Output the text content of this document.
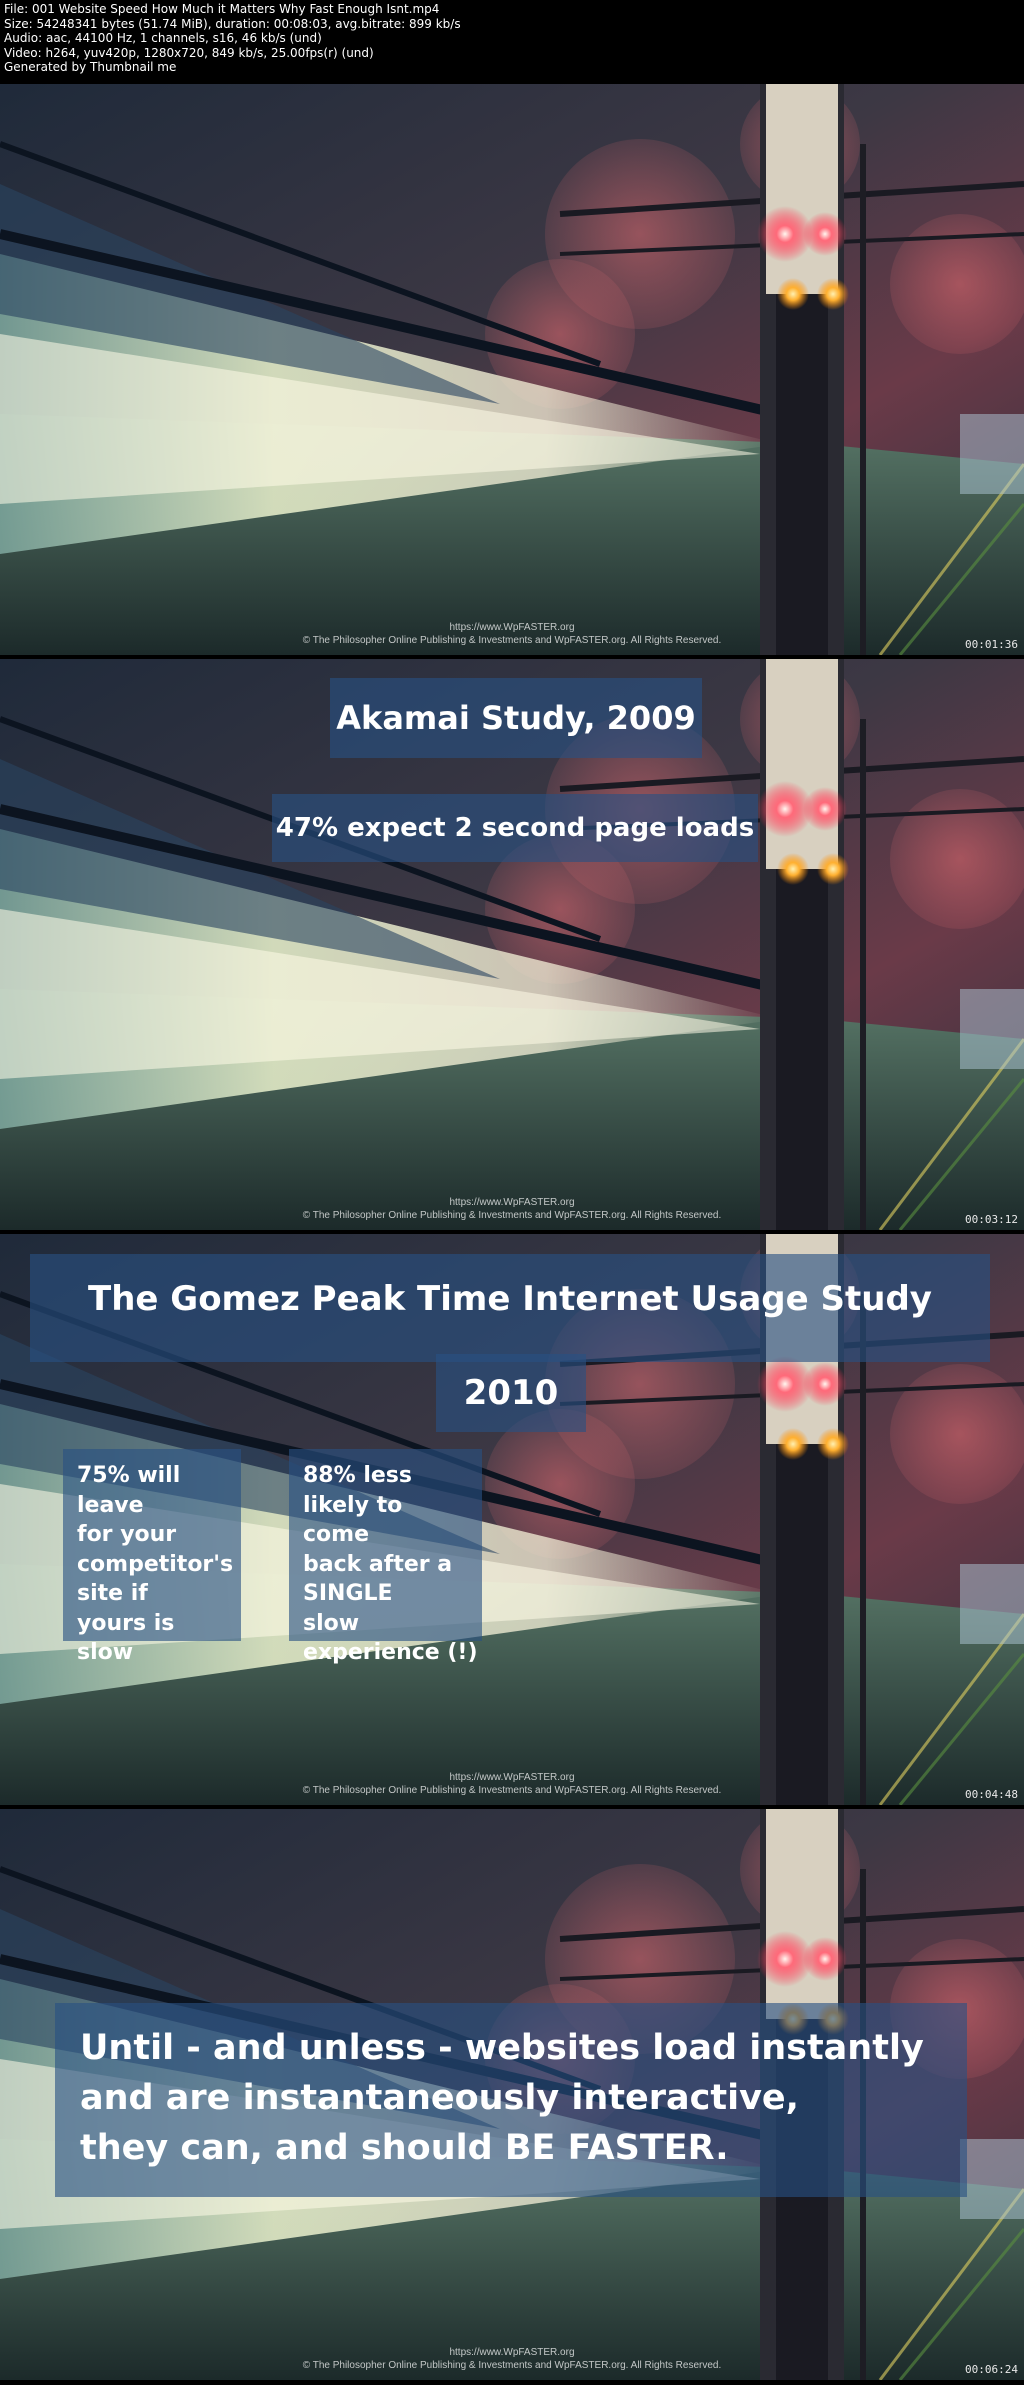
File: 001 Website Speed How Much it Matters Why Fast Enough Isnt.mp4
Size: 54248341 bytes (51.74 MiB), duration: 00:08:03, avg.bitrate: 899 kb/s
Audio: aac, 44100 Hz, 1 channels, s16, 46 kb/s (und)
Video: h264, yuv420p, 1280x720, 849 kb/s, 25.00fps(r) (und)
Generated by Thumbnail me
https://www.WpFASTER.org
© The Philosopher Online Publishing & Investments and WpFASTER.org. All Rights Reserved.	00:01:36
Akamai Study, 2009
47% expect 2 second page loads
https://www.WpFASTER.org
© The Philosopher Online Publishing & Investments and WpFASTER.org. All Rights Reserved.	00:03:12
The Gomez Peak Time Internet Usage Study
2010
75% will
leave
for your
competitor's
site if
yours is
slow
88% less
likely to
come
back after a
SINGLE
slow
experience (!)
https://www.WpFASTER.org
© The Philosopher Online Publishing & Investments and WpFASTER.org. All Rights Reserved.	00:04:48
Until - and unless - websites load instantly
and are instantaneously interactive,
they can, and should BE FASTER.
https://www.WpFASTER.org
© The Philosopher Online Publishing & Investments and WpFASTER.org. All Rights Reserved.	00:06:24
